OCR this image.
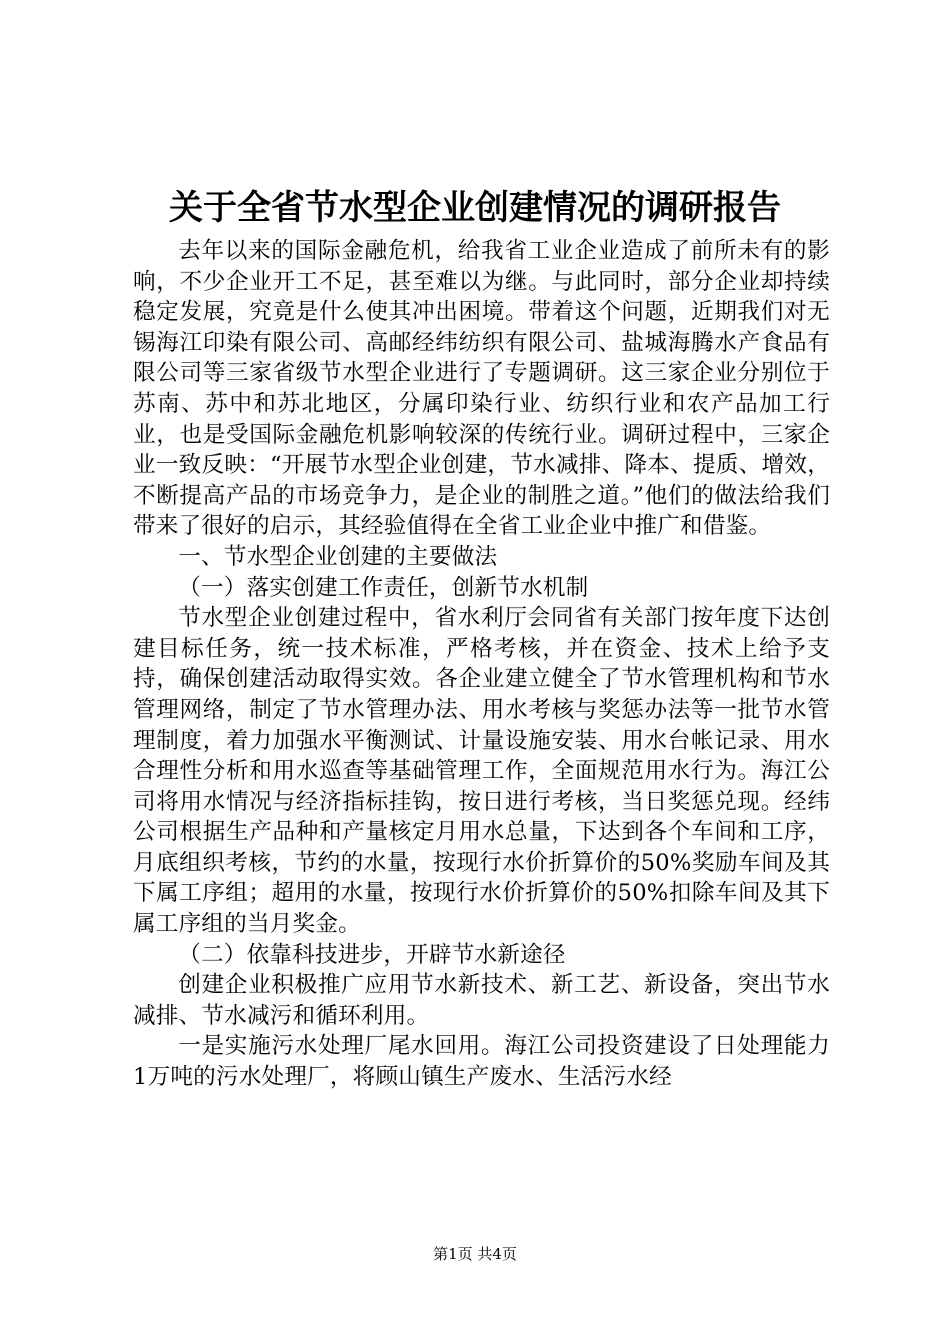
关于全省节水型企业创建情况的调研报告

去年以来的国际金融危机，给我省工业企业造成了前所未有的影响，不少企业开工不足，甚至难以为继。与此同时，部分企业却持续稳定发展，究竟是什么使其冲出困境。带着这个问题，近期我们对无锡海江印染有限公司、高邮经纬纺织有限公司、盐城海腾水产食品有限公司等三家省级节水型企业进行了专题调研。这三家企业分别位于苏南、苏中和苏北地区，分属印染行业、纺织行业和农产品加工行业，也是受国际金融危机影响较深的传统行业。调研过程中，三家企业一致反映：“开展节水型企业创建，节水减排、降本、提质、增效，不断提高产品的市场竞争力，是企业的制胜之道。”他们的做法给我们带来了很好的启示，其经验值得在全省工业企业中推广和借鉴。

一、节水型企业创建的主要做法

（一）落实创建工作责任，创新节水机制

节水型企业创建过程中，省水利厅会同省有关部门按年度下达创建目标任务，统一技术标准，严格考核，并在资金、技术上给予支持，确保创建活动取得实效。各企业建立健全了节水管理机构和节水管理网络，制定了节水管理办法、用水考核与奖惩办法等一批节水管理制度，着力加强水平衡测试、计量设施安装、用水台帐记录、用水合理性分析和用水巡查等基础管理工作，全面规范用水行为。海江公司将用水情况与经济指标挂钩，按日进行考核，当日奖惩兑现。经纬公司根据生产品种和产量核定月用水总量，下达到各个车间和工序，月底组织考核，节约的水量，按现行水价折算价的50%奖励车间及其下属工序组；超用的水量，按现行水价折算价的50%扣除车间及其下属工序组的当月奖金。

（二）依靠科技进步，开辟节水新途径

创建企业积极推广应用节水新技术、新工艺、新设备，突出节水减排、节水减污和循环利用。

一是实施污水处理厂尾水回用。海江公司投资建设了日处理能力1万吨的污水处理厂，将顾山镇生产废水、生活污水经

第1页 共4页
